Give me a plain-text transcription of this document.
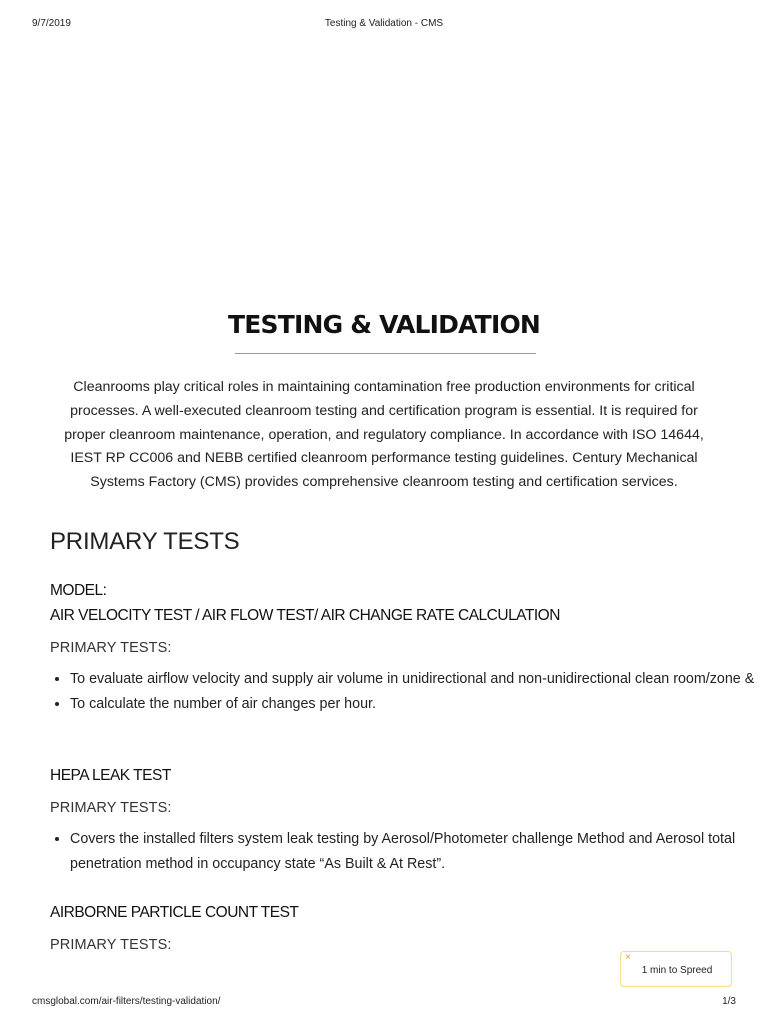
9/7/2019	Testing & Validation - CMS
TESTING & VALIDATION

Cleanrooms play critical roles in maintaining contamination free production environments for critical processes. A well-executed cleanroom testing and certification program is essential. It is required for proper cleanroom maintenance, operation, and regulatory compliance. In accordance with ISO 14644, IEST RP CC006 and NEBB certified cleanroom performance testing guidelines. Century Mechanical Systems Factory (CMS) provides comprehensive cleanroom testing and certification services.

PRIMARY TESTS
MODEL:
AIR VELOCITY TEST / AIR FLOW TEST/ AIR CHANGE RATE CALCULATION

PRIMARY TESTS:

• To evaluate airflow velocity and supply air volume in unidirectional and non-unidirectional clean room/zone &
• To calculate the number of air changes per hour.
HEPA LEAK TEST

PRIMARY TESTS:

• Covers the installed filters system leak testing by Aerosol/Photometer challenge Method and Aerosol total penetration method in occupancy state “As Built & At Rest”.
AIRBORNE PARTICLE COUNT TEST

PRIMARY TESTS:

×
1 min to Spreed
cmsglobal.com/air-filters/testing-validation/	1/3
